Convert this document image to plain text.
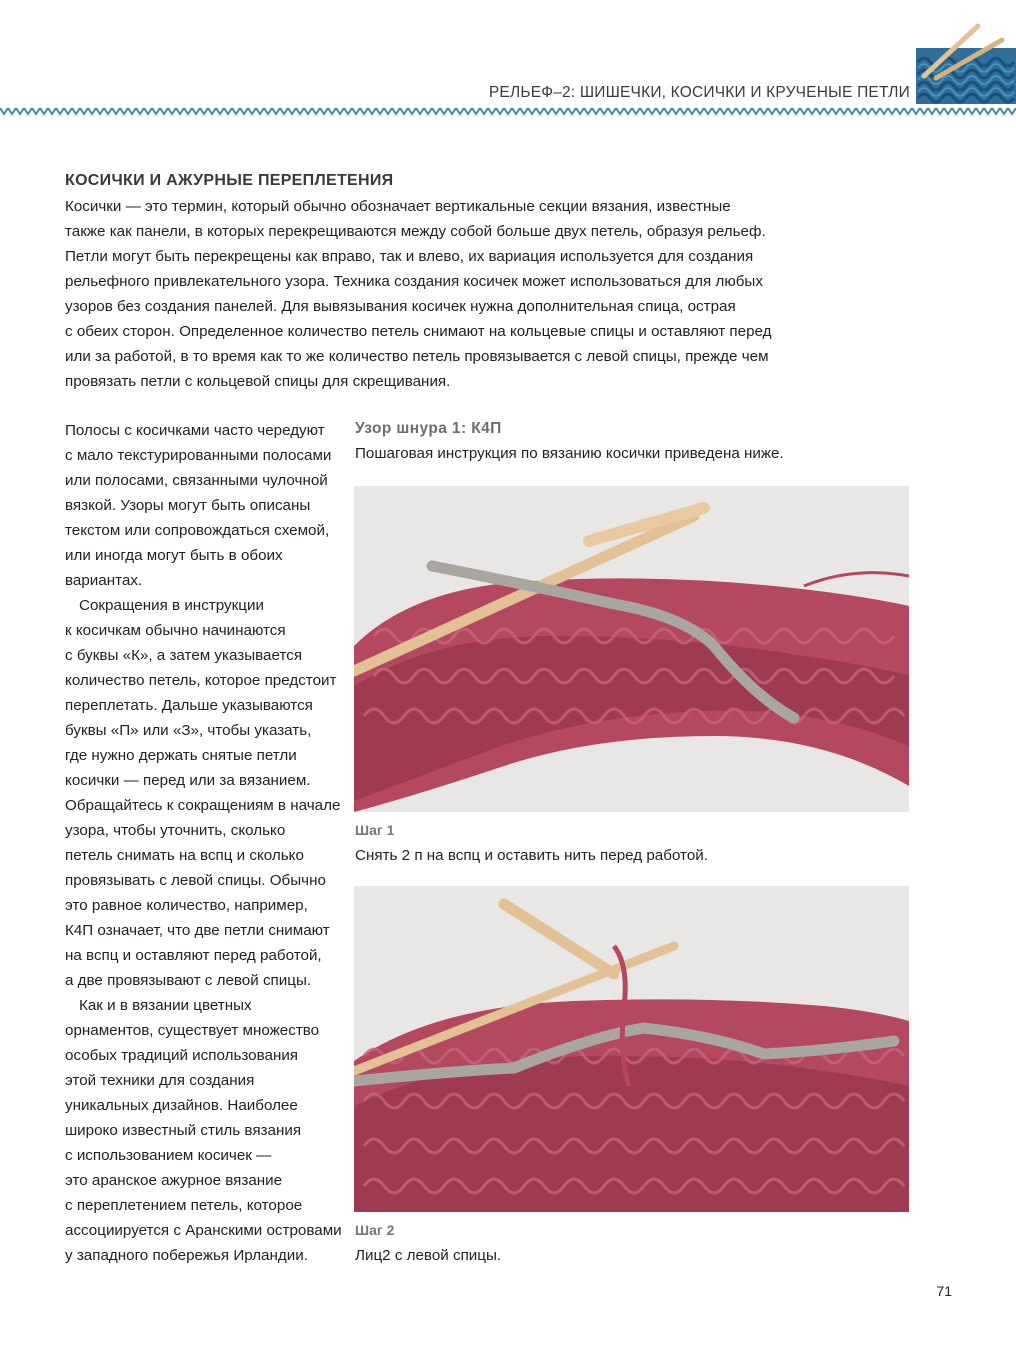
РЕЛЬЕФ–2: ШИШЕЧКИ, КОСИЧКИ И КРУЧЕНЫЕ ПЕТЛИ
КОСИЧКИ И АЖУРНЫЕ ПЕРЕПЛЕТЕНИЯ

Косички — это термин, который обычно обозначает вертикальные секции вязания, известные
также как панели, в которых перекрещиваются между собой больше двух петель, образуя рельеф.
Петли могут быть перекрещены как вправо, так и влево, их вариация используется для создания
рельефного привлекательного узора. Техника создания косичек может использоваться для любых
узоров без создания панелей. Для вывязывания косичек нужна дополнительная спица, острая
с обеих сторон. Определенное количество петель снимают на кольцевые спицы и оставляют перед
или за работой, в то время как то же количество петель провязывается с левой спицы, прежде чем
провязать петли с кольцевой спицы для скрещивания.

Полосы с косичками часто чередуют
с мало текстурированными полосами
или полосами, связанными чулочной
вязкой. Узоры могут быть описаны
текстом или сопровождаться схемой,
или иногда могут быть в обоих
вариантах.
Сокращения в инструкции
к косичкам обычно начинаются
с буквы «К», а затем указывается
количество петель, которое предстоит
переплетать. Дальше указываются
буквы «П» или «З», чтобы указать,
где нужно держать снятые петли
косички — перед или за вязанием.
Обращайтесь к сокращениям в начале
узора, чтобы уточнить, сколько
петель снимать на вспц и сколько
провязывать с левой спицы. Обычно
это равное количество, например,
К4П означает, что две петли снимают
на вспц и оставляют перед работой,
а две провязывают с левой спицы.
Как и в вязании цветных
орнаментов, существует множество
особых традиций использования
этой техники для создания
уникальных дизайнов. Наиболее
широко известный стиль вязания
с использованием косичек —
это аранское ажурное вязание
с переплетением петель, которое
ассоциируется с Аранскими островами
у западного побережья Ирландии.
Узор шнура 1: К4П

Пошаговая инструкция по вязанию косички приведена ниже.

Шаг 1
Снять 2 п на вспц и оставить нить перед работой.
Шаг 2
Лиц2 с левой спицы.
71
